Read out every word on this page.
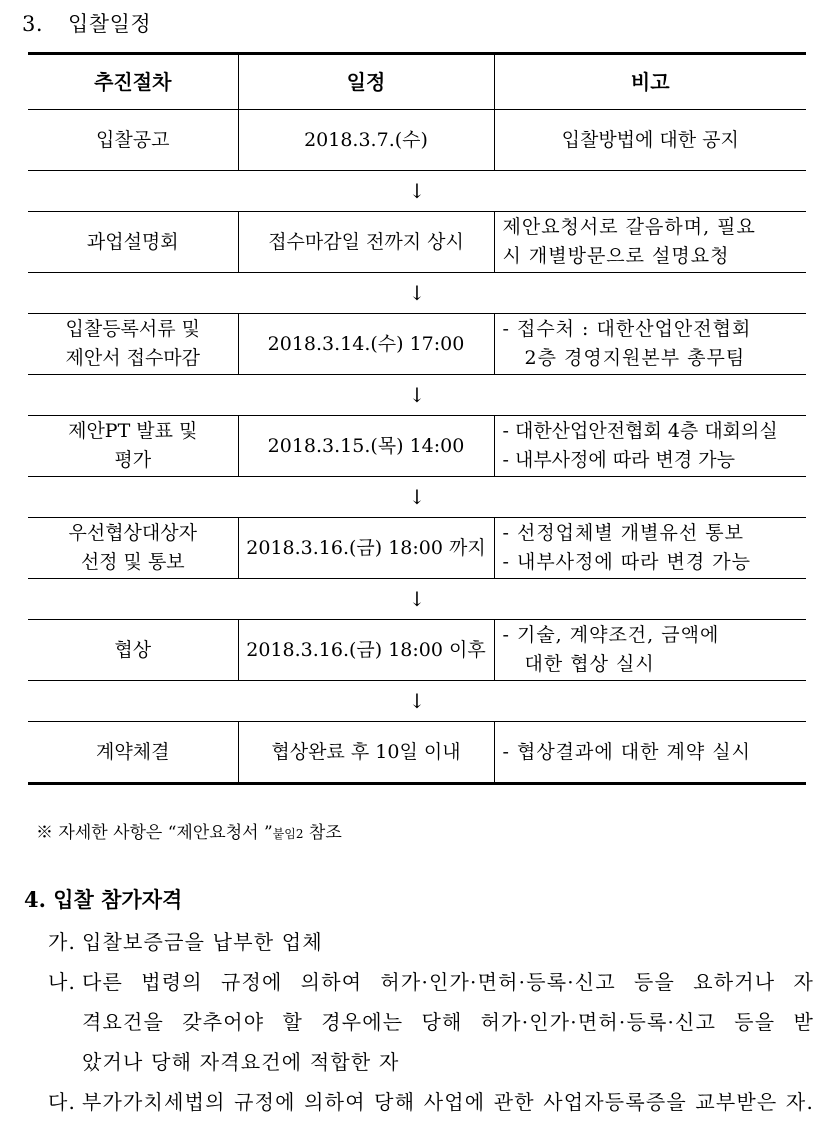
3. 입찰일정
추진절차	일정	비고

입찰공고	2018.3.7.(수)	입찰방법에 대한 공지

↓		

과업설명회	접수마감일 전까지 상시	제안요청서로 갈음하며, 필요
시 개별방문으로 설명요청

↓		

입찰등록서류 및
제안서 접수마감	2018.3.14.(수) 17:00	- 접수처 : 대한산업안전협회
2층 경영지원본부 총무팀

↓		

제안PT 발표 및
평가	2018.3.15.(목) 14:00	- 대한산업안전협회 4층 대회의실
- 내부사정에 따라 변경 가능

↓		

우선협상대상자
선정 및 통보	2018.3.16.(금) 18:00 까지	- 선정업체별 개별유선 통보
- 내부사정에 따라 변경 가능

↓		

협상	2018.3.16.(금) 18:00 이후	- 기술, 계약조건, 금액에
대한 협상 실시

↓		

계약체결	협상완료 후 10일 이내	- 협상결과에 대한 계약 실시
※ 자세한 사항은 “제안요청서 ”붙임2 참조
4. 입찰 참가자격
가. 입찰보증금을 납부한 업체
나. 다른 법령의 규정에 의하여 허가·인가·면허·등록·신고 등을 요하거나 자
격요건을 갖추어야 할 경우에는 당해 허가·인가·면허·등록·신고 등을 받
았거나 당해 자격요건에 적합한 자
다. 부가가치세법의 규정에 의하여 당해 사업에 관한 사업자등록증을 교부받은 자.
